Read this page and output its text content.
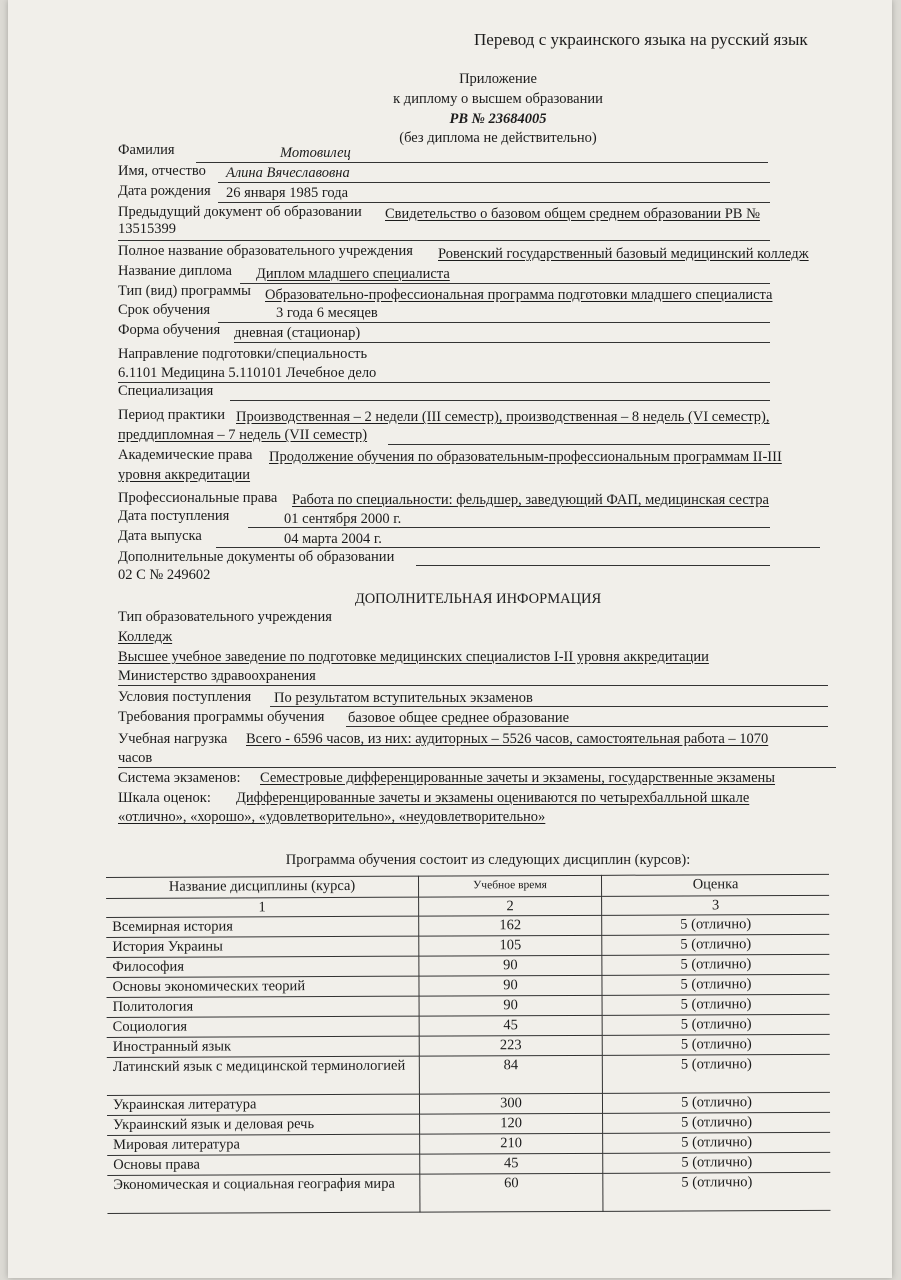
Перевод с украинского языка на русский язык
Приложение
к диплому о высшем образовании
РВ № 23684005
(без диплома не действительно)
Фамилия	Мотовилец
Имя, отчество Алина Вячеславовна
Дата рождения 26 января 1985 года
Предыдущий документ об образовании Свидетельство о базовом общем среднем образовании РВ №
13515399
Полное название образовательного учреждения Ровенский государственный базовый медицинский колледж
Название диплома Диплом младшего специалиста
Тип (вид) программы Образовательно-профессиональная программа подготовки младшего специалиста
Срок обучения	3 года 6 месяцев
Форма обучения дневная (стационар)
Направление подготовки/специальность
6.1101 Медицина 5.110101 Лечебное дело
Специализация
Период практики Производственная – 2 недели (III семестр), производственная – 8 недель (VI семестр),
преддипломная – 7 недель (VII семестр)
Академические права Продолжение обучения по образовательным-профессиональным программам II-III
уровня аккредитации
Профессиональные права Работа по специальности: фельдшер, заведующий ФАП, медицинская сестра
Дата поступления	01 сентября 2000 г.
Дата выпуска	04 марта 2004 г.
Дополнительные документы об образовании
02 С № 249602
ДОПОЛНИТЕЛЬНАЯ ИНФОРМАЦИЯ
Тип образовательного учреждения
Колледж
Высшее учебное заведение по подготовке медицинских специалистов I-II уровня аккредитации
Министерство здравоохранения
Условия поступления По результатом вступительных экзаменов
Требования программы обучения базовое общее среднее образование
Учебная нагрузка Всего - 6596 часов, из них: аудиторных – 5526 часов, самостоятельная работа – 1070
часов
Система экзаменов: Семестровые дифференцированные зачеты и экзамены, государственные экзамены
Шкала оценок: Дифференцированные зачеты и экзамены оцениваются по четырехбалльной шкале
«отлично», «хорошо», «удовлетворительно», «неудовлетворительно»
Программа обучения состоит из следующих дисциплин (курсов):
Название дисциплины (курса)	Учебное время	Оценка
1	2	3
Всемирная история	162	5 (отлично)
История Украины	105	5 (отлично)
Философия	90	5 (отлично)
Основы экономических теорий	90	5 (отлично)
Политология	90	5 (отлично)
Социология	45	5 (отлично)
Иностранный язык	223	5 (отлично)
Латинский язык с медицинской терминологией	84	5 (отлично)
Украинская литература	300	5 (отлично)
Украинский язык и деловая речь	120	5 (отлично)
Мировая литература	210	5 (отлично)
Основы права	45	5 (отлично)
Экономическая и социальная география мира	60	5 (отлично)
